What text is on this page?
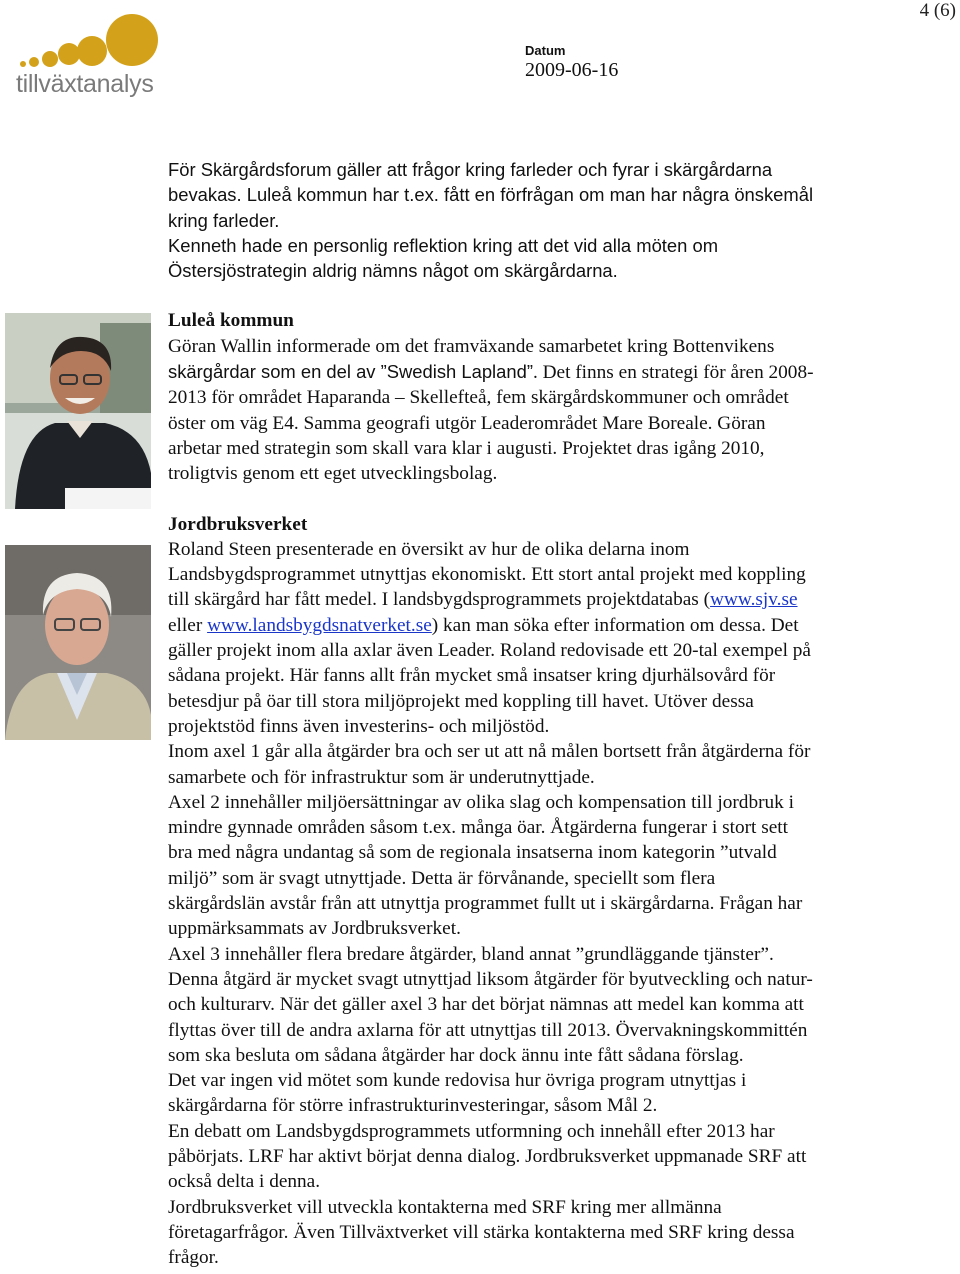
4 (6)
tillväxtanalys
Datum
2009-06-16

För Skärgårdsforum gäller att frågor kring farleder och fyrar i skärgårdarna

bevakas. Luleå kommun har t.ex. fått en förfrågan om man har några önskemål

kring farleder.

Kenneth hade en personlig reflektion kring att det vid alla möten om

Östersjöstrategin aldrig nämns något om skärgårdarna.

Luleå kommun

Göran Wallin informerade om det framväxande samarbetet kring Bottenvikens

skärgårdar som en del av ”Swedish Lapland”. Det finns en strategi för åren 2008-

2013 för området Haparanda – Skellefteå, fem skärgårdskommuner och området

öster om väg E4. Samma geografi utgör Leaderområdet Mare Boreale. Göran

arbetar med strategin som skall vara klar i augusti. Projektet dras igång 2010,

troligtvis genom ett eget utvecklingsbolag.

Jordbruksverket

Roland Steen presenterade en översikt av hur de olika delarna inom

Landsbygdsprogrammet utnyttjas ekonomiskt. Ett stort antal projekt med koppling

till skärgård har fått medel. I landsbygdsprogrammets projektdatabas (www.sjv.se

eller www.landsbygdsnatverket.se) kan man söka efter information om dessa. Det

gäller projekt inom alla axlar även Leader. Roland redovisade ett 20-tal exempel på

sådana projekt. Här fanns allt från mycket små insatser kring djurhälsovård för

betesdjur på öar till stora miljöprojekt med koppling till havet. Utöver dessa

projektstöd finns även investerins- och miljöstöd.

Inom axel 1 går alla åtgärder bra och ser ut att nå målen bortsett från åtgärderna för

samarbete och för infrastruktur som är underutnyttjade.

Axel 2 innehåller miljöersättningar av olika slag och kompensation till jordbruk i

mindre gynnade områden såsom t.ex. många öar. Åtgärderna fungerar i stort sett

bra med några undantag så som de regionala insatserna inom kategorin ”utvald

miljö” som är svagt utnyttjade. Detta är förvånande, speciellt som flera

skärgårdslän avstår från att utnyttja programmet fullt ut i skärgårdarna. Frågan har

uppmärksammats av Jordbruksverket.

Axel 3 innehåller flera bredare åtgärder, bland annat ”grundläggande tjänster”.

Denna åtgärd är mycket svagt utnyttjad liksom åtgärder för byutveckling och natur-

och kulturarv. När det gäller axel 3 har det börjat nämnas att medel kan komma att

flyttas över till de andra axlarna för att utnyttjas till 2013. Övervakningskommittén

som ska besluta om sådana åtgärder har dock ännu inte fått sådana förslag.

Det var ingen vid mötet som kunde redovisa hur övriga program utnyttjas i

skärgårdarna för större infrastrukturinvesteringar, såsom Mål 2.

En debatt om Landsbygdsprogrammets utformning och innehåll efter 2013 har

påbörjats. LRF har aktivt börjat denna dialog. Jordbruksverket uppmanade SRF att

också delta i denna.

Jordbruksverket vill utveckla kontakterna med SRF kring mer allmänna

företagarfrågor. Även Tillväxtverket vill stärka kontakterna med SRF kring dessa

frågor.
